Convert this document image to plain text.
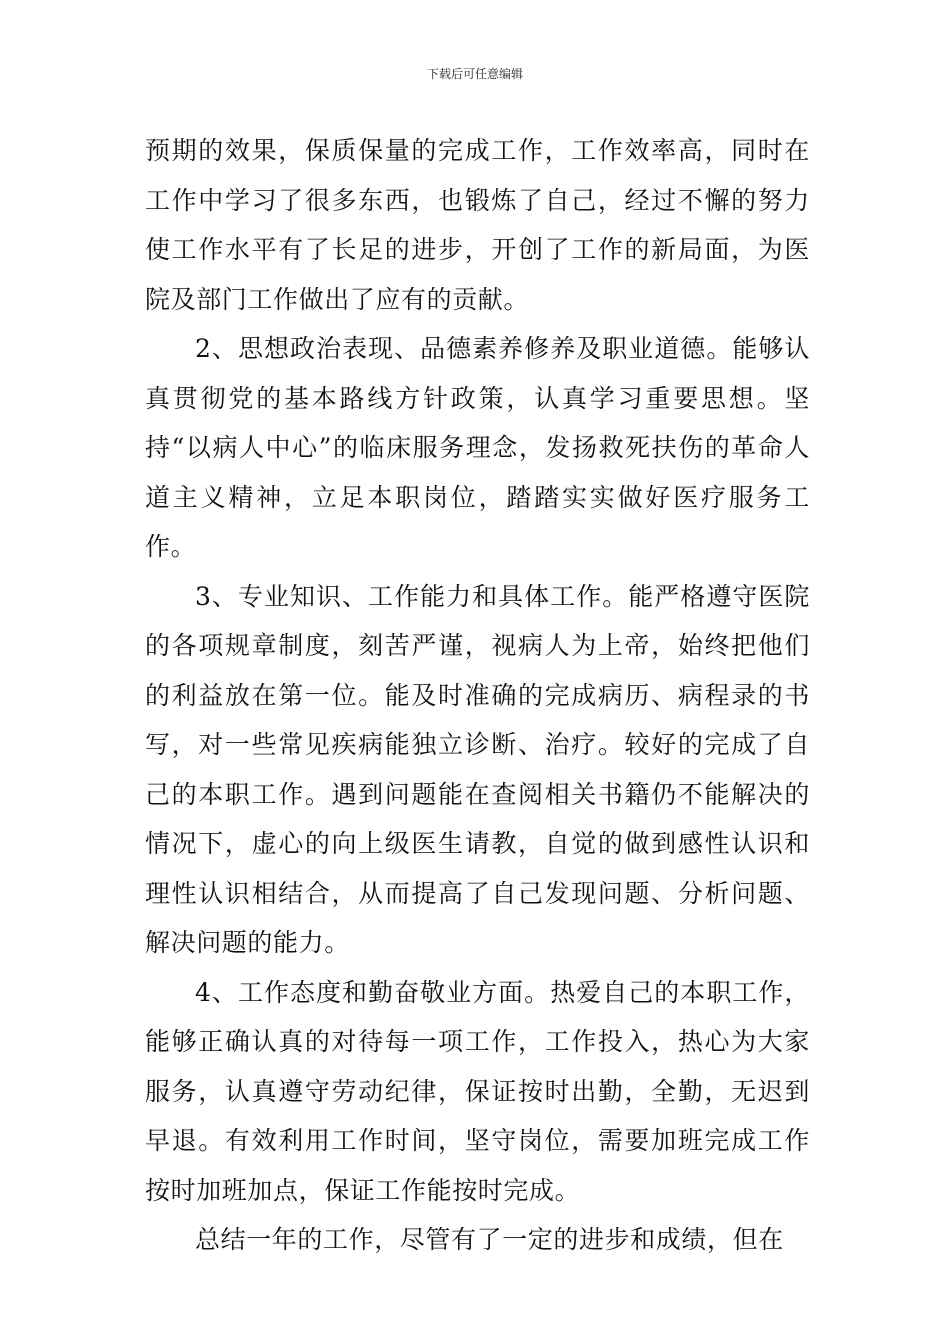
下载后可任意编辑

预期的效果，保质保量的完成工作，工作效率高，同时在工作中学习了很多东西，也锻炼了自己，经过不懈的努力使工作水平有了长足的进步，开创了工作的新局面，为医院及部门工作做出了应有的贡献。

2、思想政治表现、品德素养修养及职业道德。能够认真贯彻党的基本路线方针政策，认真学习重要思想。坚持“以病人中心”的临床服务理念，发扬救死扶伤的革命人道主义精神，立足本职岗位，踏踏实实做好医疗服务工作。

3、专业知识、工作能力和具体工作。能严格遵守医院的各项规章制度，刻苦严谨，视病人为上帝，始终把他们的利益放在第一位。能及时准确的完成病历、病程录的书写，对一些常见疾病能独立诊断、治疗。较好的完成了自己的本职工作。遇到问题能在查阅相关书籍仍不能解决的情况下，虚心的向上级医生请教，自觉的做到感性认识和理性认识相结合，从而提高了自己发现问题、分析问题、解决问题的能力。

4、工作态度和勤奋敬业方面。热爱自己的本职工作，能够正确认真的对待每一项工作，工作投入，热心为大家服务，认真遵守劳动纪律，保证按时出勤，全勤，无迟到早退。有效利用工作时间，坚守岗位，需要加班完成工作按时加班加点，保证工作能按时完成。

总结一年的工作，尽管有了一定的进步和成绩，但在
